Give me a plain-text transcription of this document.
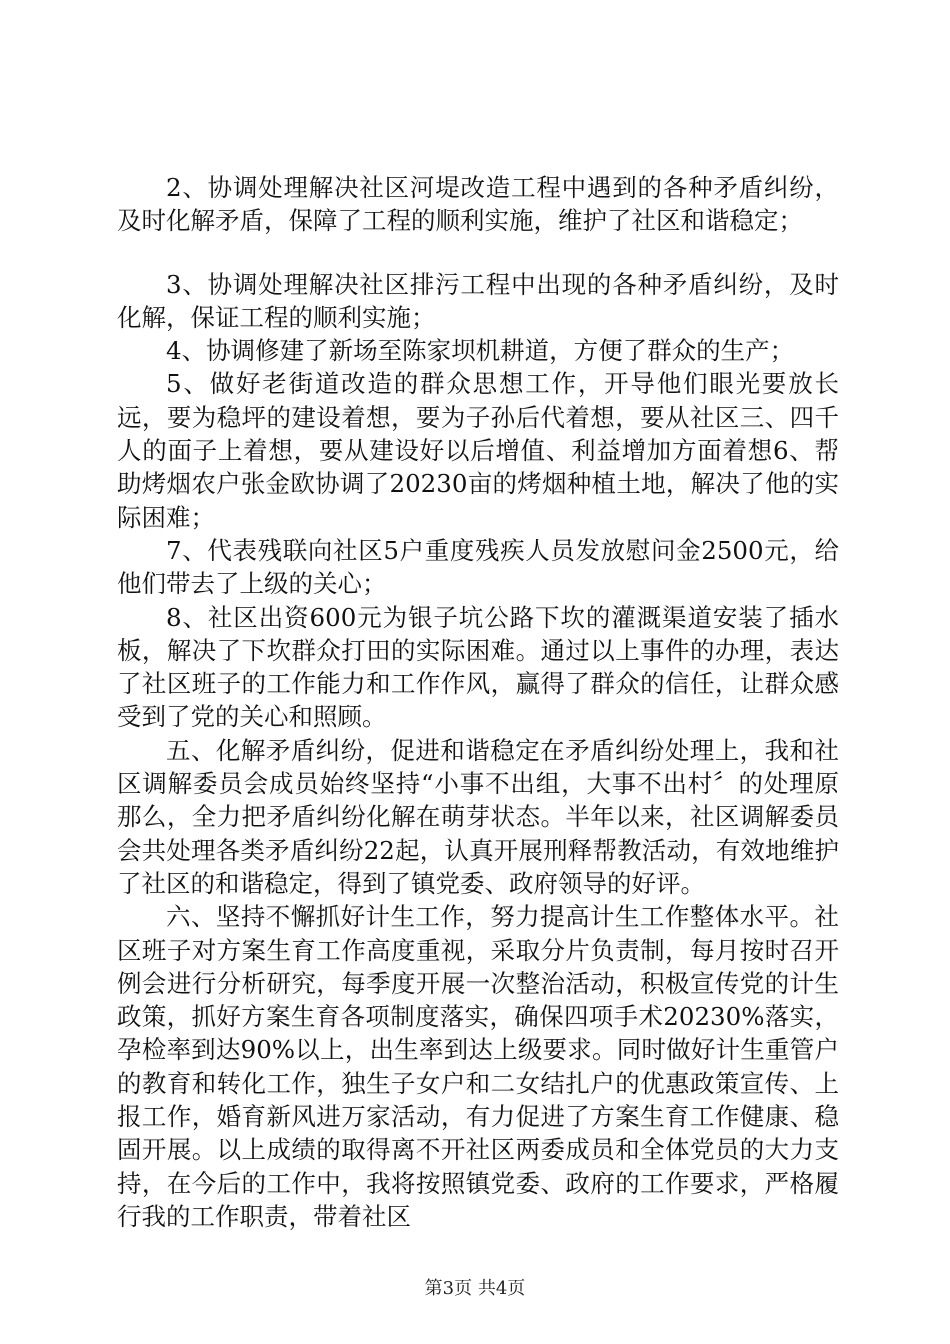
2、协调处理解决社区河堤改造工程中遇到的各种矛盾纠纷，及时化解矛盾，保障了工程的顺利实施，维护了社区和谐稳定；

3、协调处理解决社区排污工程中出现的各种矛盾纠纷，及时化解，保证工程的顺利实施；

4、协调修建了新场至陈家坝机耕道，方便了群众的生产；

5、做好老街道改造的群众思想工作，开导他们眼光要放长远，要为稳坪的建设着想，要为子孙后代着想，要从社区三、四千人的面子上着想，要从建设好以后增值、利益增加方面着想6、帮助烤烟农户张金欧协调了20230亩的烤烟种植土地，解决了他的实际困难；

7、代表残联向社区5户重度残疾人员发放慰问金2500元，给他们带去了上级的关心；

8、社区出资600元为银子坑公路下坎的灌溉渠道安装了插水板，解决了下坎群众打田的实际困难。通过以上事件的办理，表达了社区班子的工作能力和工作作风，赢得了群众的信任，让群众感受到了党的关心和照顾。

五、化解矛盾纠纷，促进和谐稳定在矛盾纠纷处理上，我和社区调解委员会成员始终坚持“小事不出组，大事不出村〞的处理原那么，全力把矛盾纠纷化解在萌芽状态。半年以来，社区调解委员会共处理各类矛盾纠纷22起，认真开展刑释帮教活动，有效地维护了社区的和谐稳定，得到了镇党委、政府领导的好评。

六、坚持不懈抓好计生工作，努力提高计生工作整体水平。社区班子对方案生育工作高度重视，采取分片负责制，每月按时召开例会进行分析研究，每季度开展一次整治活动，积极宣传党的计生政策，抓好方案生育各项制度落实，确保四项手术20230%落实，孕检率到达90%以上，出生率到达上级要求。同时做好计生重管户的教育和转化工作，独生子女户和二女结扎户的优惠政策宣传、上报工作，婚育新风进万家活动，有力促进了方案生育工作健康、稳固开展。以上成绩的取得离不开社区两委成员和全体党员的大力支持，在今后的工作中，我将按照镇党委、政府的工作要求，严格履行我的工作职责，带着社区

第3页 共4页
